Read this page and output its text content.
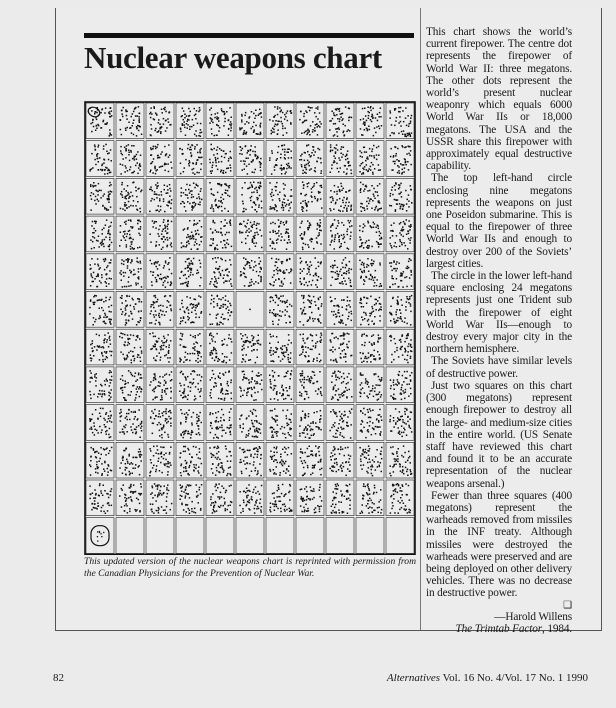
Nuclear weapons chart
This updated version of the nuclear weapons chart is reprinted with permission from the Canadian Physicians for the Prevention of Nuclear War.

This chart shows the world’s current firepower. The centre dot represents the firepower of World War II: three megatons. The other dots represent the world’s present nuclear weaponry which equals 6000 World War IIs or 18,000 megatons. The USA and the USSR share this firepower with approximately equal destructive capability.

The top left-hand circle enclosing nine megatons represents the weapons on just one Poseidon submarine. This is equal to the firepower of three World War IIs and enough to destroy over 200 of the Soviets’ largest cities.

The circle in the lower left-hand square enclosing 24 megatons represents just one Trident sub with the firepower of eight World War IIs—enough to destroy every major city in the northern hemisphere.

The Soviets have similar levels of destructive power.

Just two squares on this chart (300 megatons) represent enough firepower to destroy all the large- and medium-size cities in the entire world. (US Senate staff have reviewed this chart and found it to be an accurate representation of the nuclear weapons arsenal.)

Fewer than three squares (400 megatons) represent the warheads removed from missiles in the INF treaty. Although missiles were destroyed the warheads were preserved and are being deployed on other delivery vehicles. There was no decrease in destructive power.

❑
—Harold Willens
The Trimtab Factor, 1984.
82	Alternatives Vol. 16 No. 4/Vol. 17 No. 1 1990
